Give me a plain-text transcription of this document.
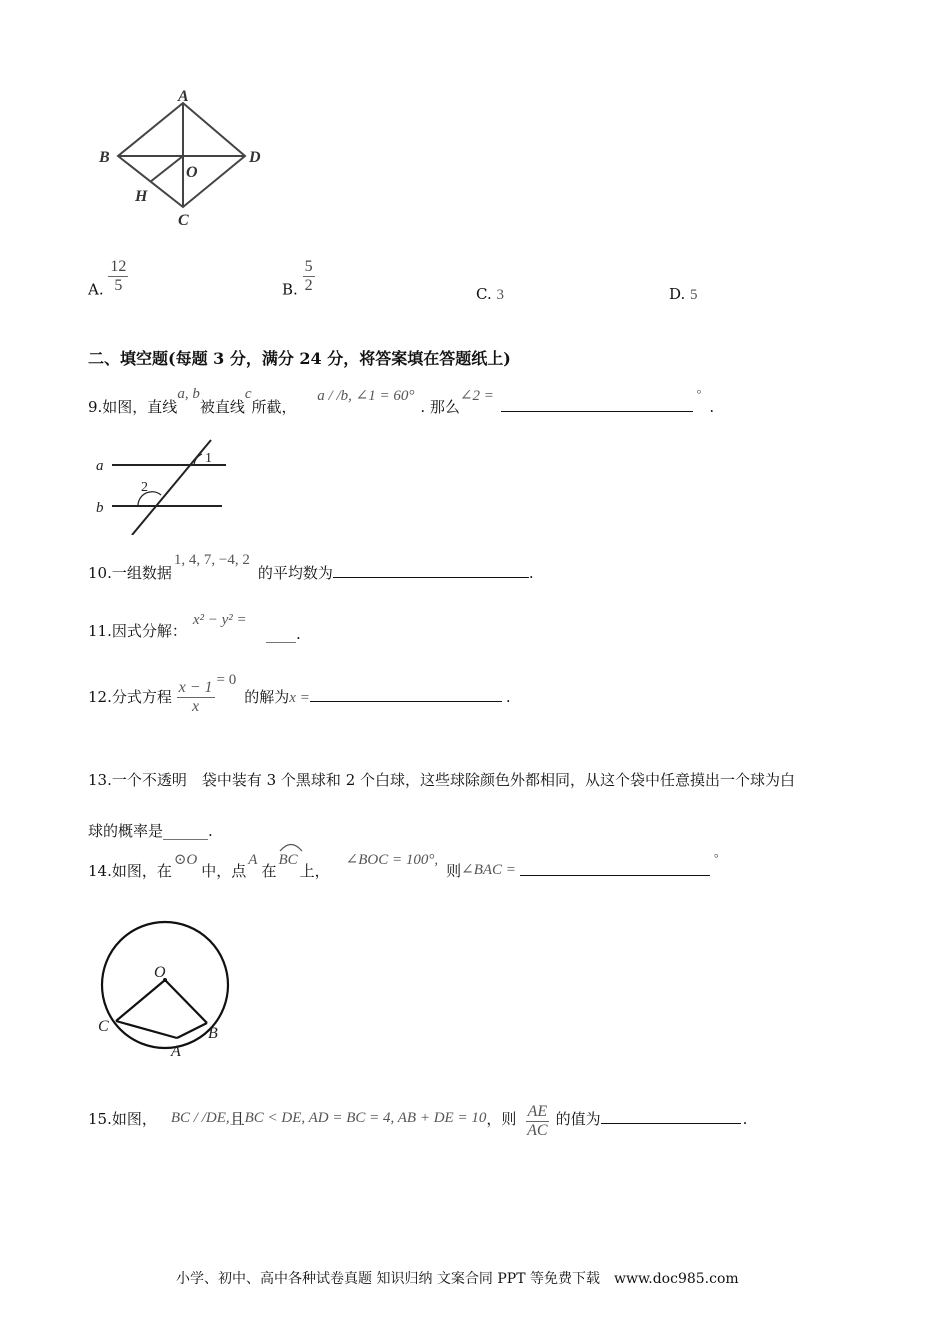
A
B	D
O
H
C
A. $\frac{12}{5}$	B. $\frac{5}{2}$	C. 3	D. 5
二、填空题(每题 3 分，满分 24 分，将答案填在答题纸上)
9.如图，直线a, b被直线c所截， a / /b, ∠1 = 60°. 那么∠2 =	°.
a
b
1
2
10.一组数据1, 4, 7, −4, 2的平均数为	.
11.因式分解：x² − y² =
____.
12.分式方程 $\frac{x - 1}{x} = 0$的解为x =	.
13.一个不透明　袋中装有 3 个黑球和 2 个白球，这些球除颜色外都相同，从这个袋中任意摸出一个球为白
球的概率是______.
14.如图，在⊙O中，点A在
BC上，∠BOC = 100°,则∠BAC =°
O
C
A
B
15.如图， BC / /DE,且BC < DE, AD = BC = 4, AB + DE = 10，则 $\frac{AE}{AC}$ 的值为	.
小学、初中、高中各种试卷真题 知识归纳 文案合同 PPT 等免费下载　www.doc985.com
